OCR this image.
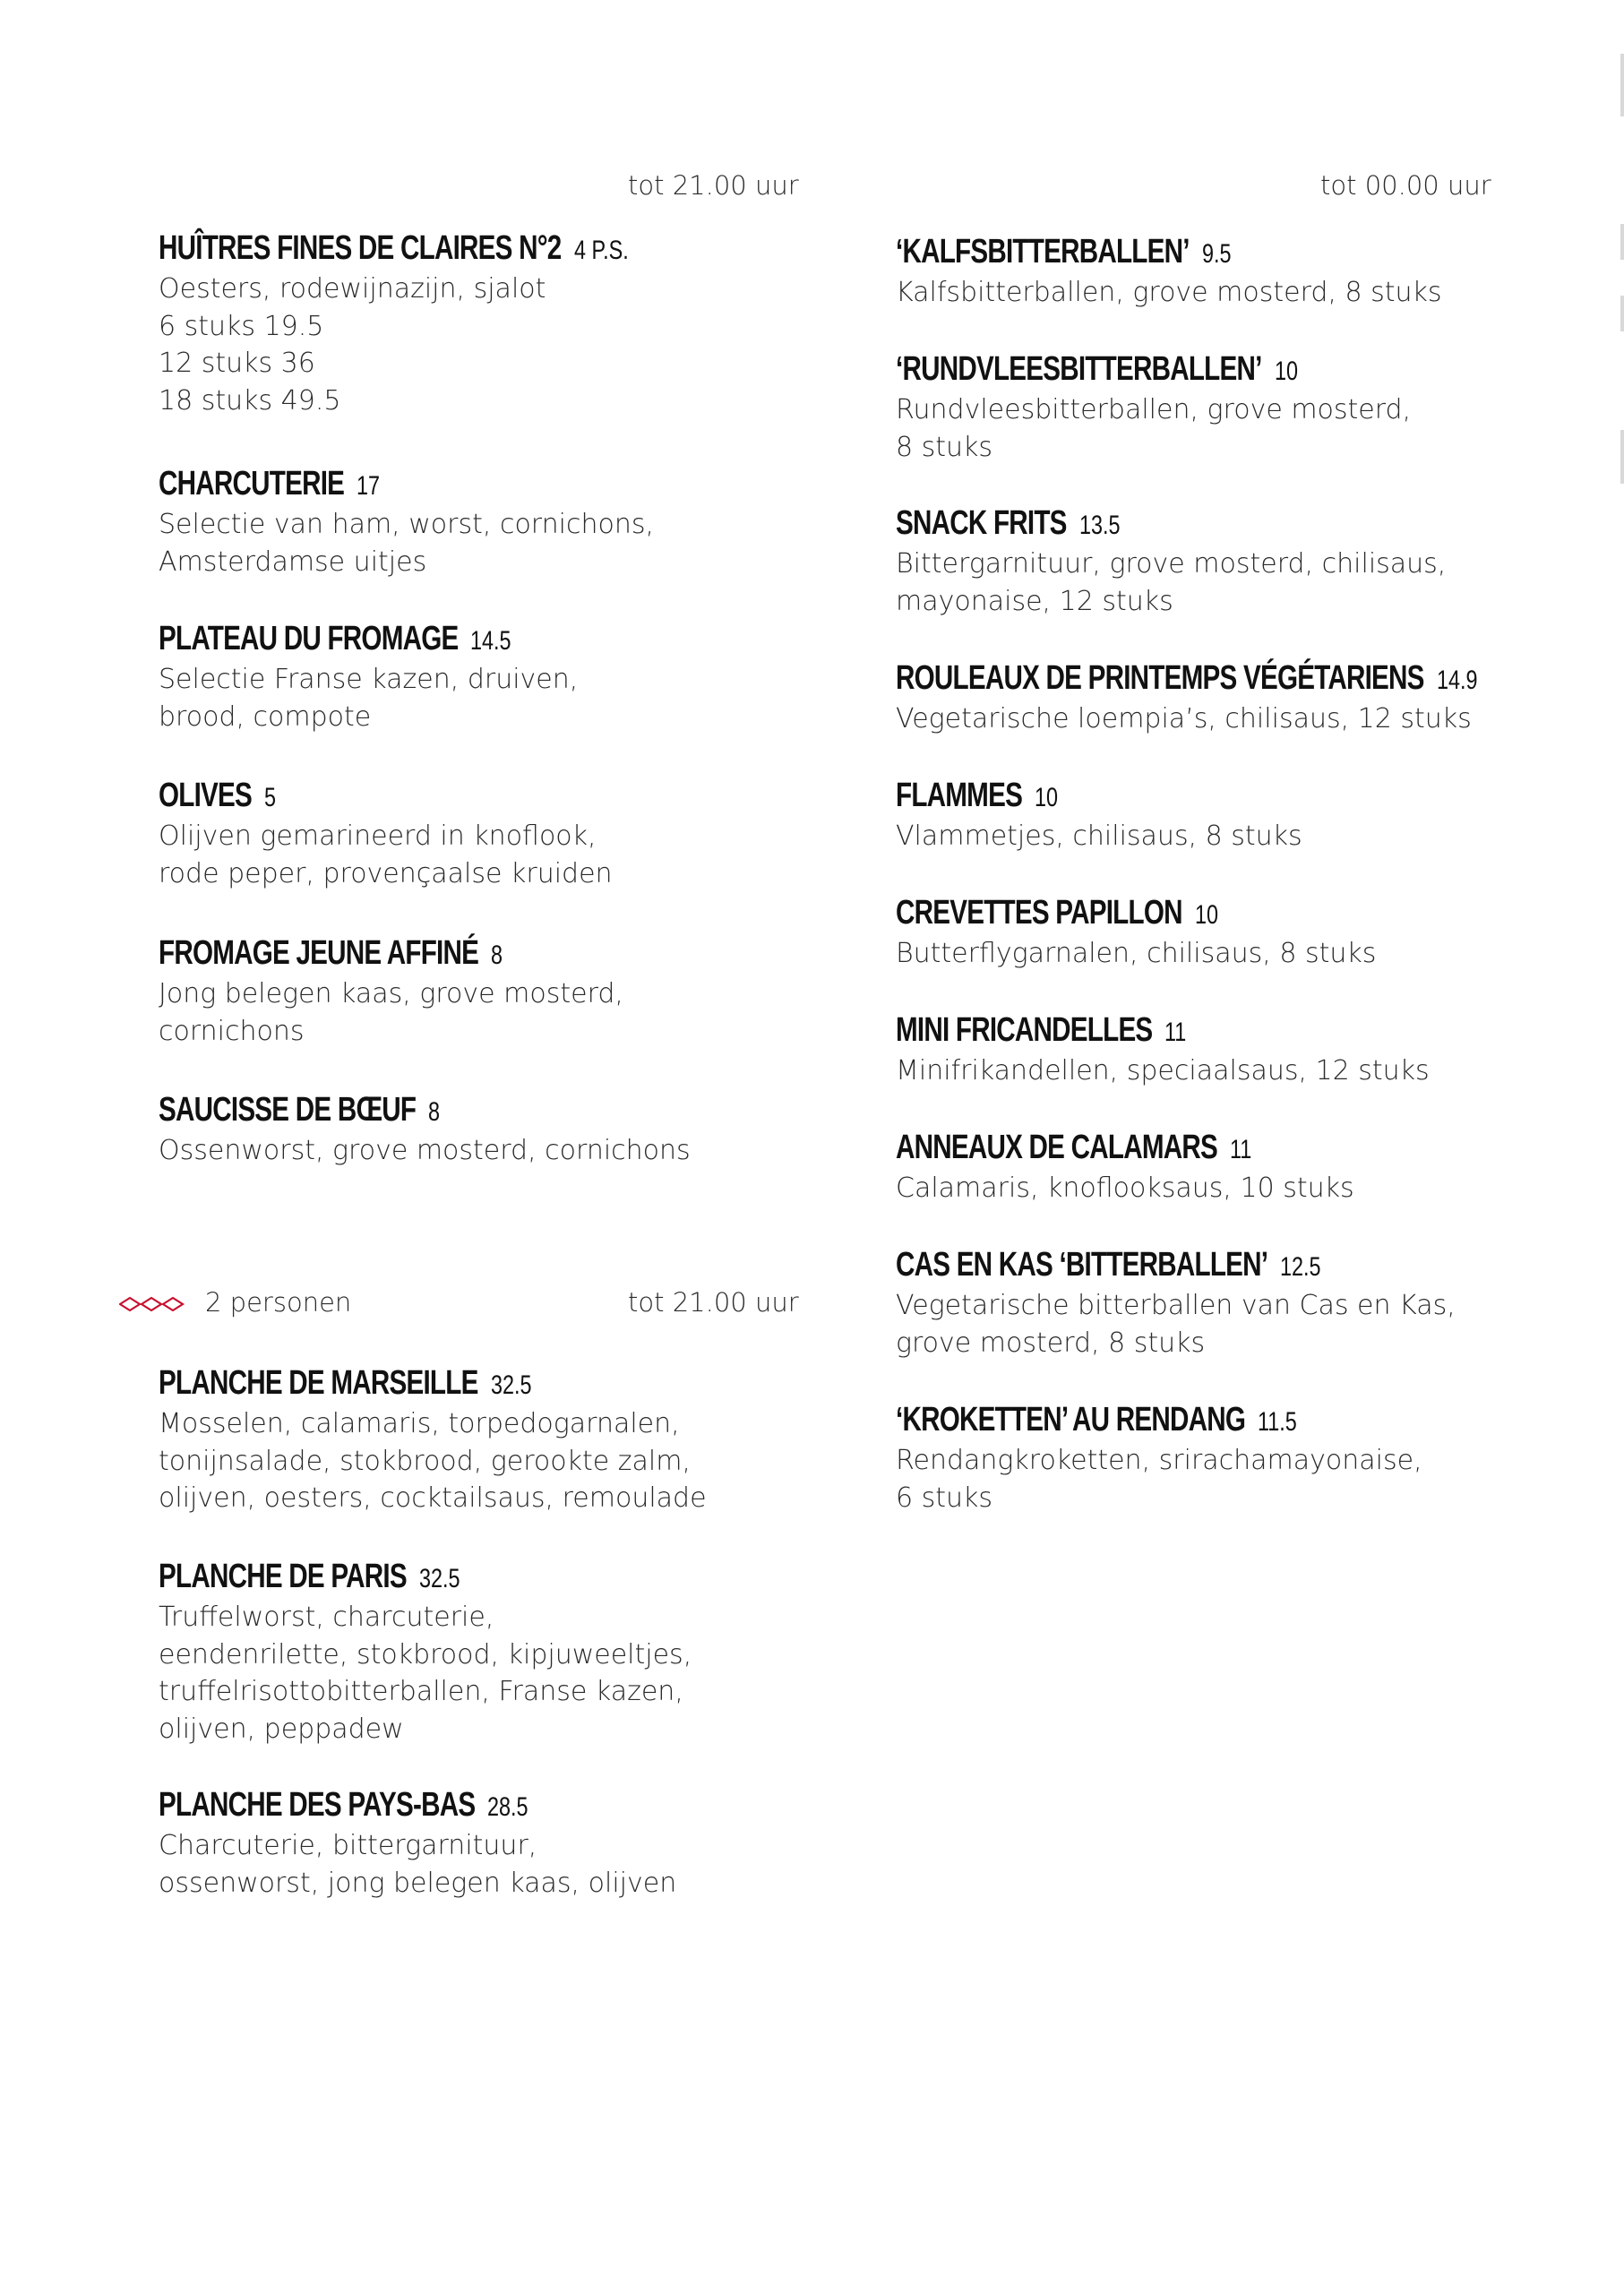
tot 21.00 uur
HUÎTRES FINES DE CLAIRES N°2 4 P.S.
Oesters, rodewijnazijn, sjalot
6 stuks 19.5
12 stuks 36
18 stuks 49.5
CHARCUTERIE 17
Selectie van ham, worst, cornichons,
Amsterdamse uitjes
PLATEAU DU FROMAGE 14.5
Selectie Franse kazen, druiven,
brood, compote
OLIVES 5
Olijven gemarineerd in knoflook,
rode peper, provençaalse kruiden
FROMAGE JEUNE AFFINÉ 8
Jong belegen kaas, grove mosterd,
cornichons
SAUCISSE DE BŒUF 8
Ossenworst, grove mosterd, cornichons
2 personen	tot 21.00 uur
PLANCHE DE MARSEILLE 32.5
Mosselen, calamaris, torpedogarnalen,
tonijnsalade, stokbrood, gerookte zalm,
olijven, oesters, cocktailsaus, remoulade
PLANCHE DE PARIS 32.5
Truffelworst, charcuterie,
eendenrilette, stokbrood, kipjuweeltjes,
truffelrisottobitterballen, Franse kazen,
olijven, peppadew
PLANCHE DES PAYS-BAS 28.5
Charcuterie, bittergarnituur,
ossenworst, jong belegen kaas, olijven
tot 00.00 uur
‘KALFSBITTERBALLEN’ 9.5
Kalfsbitterballen, grove mosterd, 8 stuks
‘RUNDVLEESBITTERBALLEN’ 10
Rundvleesbitterballen, grove mosterd,
8 stuks
SNACK FRITS 13.5
Bittergarnituur, grove mosterd, chilisaus,
mayonaise, 12 stuks
ROULEAUX DE PRINTEMPS VÉGÉTARIENS 14.9
Vegetarische loempia’s, chilisaus, 12 stuks
FLAMMES 10
Vlammetjes, chilisaus, 8 stuks
CREVETTES PAPILLON 10
Butterflygarnalen, chilisaus, 8 stuks
MINI FRICANDELLES 11
Minifrikandellen, speciaalsaus, 12 stuks
ANNEAUX DE CALAMARS 11
Calamaris, knoflooksaus, 10 stuks
CAS EN KAS ‘BITTERBALLEN’ 12.5
Vegetarische bitterballen van Cas en Kas,
grove mosterd, 8 stuks
‘KROKETTEN’ AU RENDANG 11.5
Rendangkroketten, srirachamayonaise,
6 stuks
